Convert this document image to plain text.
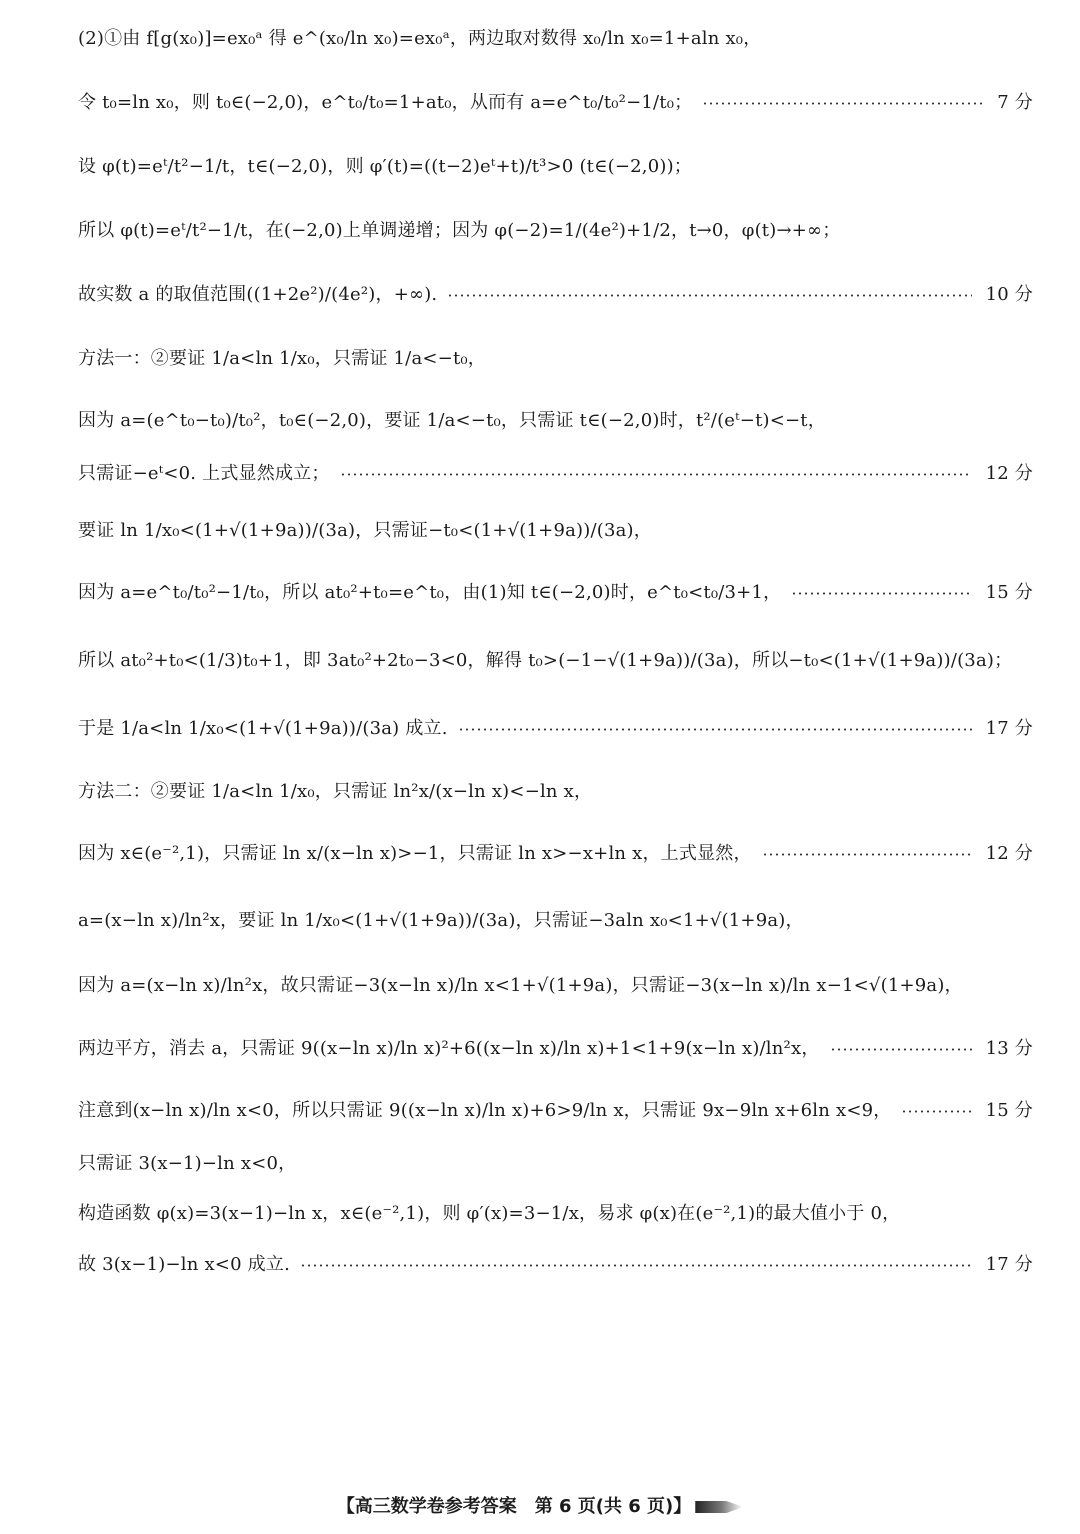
(2)①由 f[g(x₀)]=ex₀ᵃ 得 e^(x₀/ln x₀)=ex₀ᵃ，两边取对数得 x₀/ln x₀=1+aln x₀，
令 t₀=ln x₀，则 t₀∈(−2,0)，e^t₀/t₀=1+at₀，从而有 a=e^t₀/t₀²−1/t₀；	7 分
设 φ(t)=eᵗ/t²−1/t，t∈(−2,0)，则 φ′(t)=((t−2)eᵗ+t)/t³>0 (t∈(−2,0))；
所以 φ(t)=eᵗ/t²−1/t，在(−2,0)上单调递增；因为 φ(−2)=1/(4e²)+1/2，t→0，φ(t)→+∞；
故实数 a 的取值范围((1+2e²)/(4e²)，+∞).	10 分
方法一：②要证 1/a<ln 1/x₀，只需证 1/a<−t₀，
因为 a=(e^t₀−t₀)/t₀²，t₀∈(−2,0)，要证 1/a<−t₀，只需证 t∈(−2,0)时，t²/(eᵗ−t)<−t，
只需证−eᵗ<0. 上式显然成立；	12 分
要证 ln 1/x₀<(1+√(1+9a))/(3a)，只需证−t₀<(1+√(1+9a))/(3a)，
因为 a=e^t₀/t₀²−1/t₀，所以 at₀²+t₀=e^t₀，由(1)知 t∈(−2,0)时，e^t₀<t₀/3+1，	15 分
所以 at₀²+t₀<(1/3)t₀+1，即 3at₀²+2t₀−3<0，解得 t₀>(−1−√(1+9a))/(3a)，所以−t₀<(1+√(1+9a))/(3a)；
于是 1/a<ln 1/x₀<(1+√(1+9a))/(3a) 成立.	17 分
方法二：②要证 1/a<ln 1/x₀，只需证 ln²x/(x−ln x)<−ln x，
因为 x∈(e⁻²,1)，只需证 ln x/(x−ln x)>−1，只需证 ln x>−x+ln x，上式显然，	12 分
a=(x−ln x)/ln²x，要证 ln 1/x₀<(1+√(1+9a))/(3a)，只需证−3aln x₀<1+√(1+9a)，
因为 a=(x−ln x)/ln²x，故只需证−3(x−ln x)/ln x<1+√(1+9a)，只需证−3(x−ln x)/ln x−1<√(1+9a)，
两边平方，消去 a，只需证 9((x−ln x)/ln x)²+6((x−ln x)/ln x)+1<1+9(x−ln x)/ln²x，	13 分
注意到(x−ln x)/ln x<0，所以只需证 9((x−ln x)/ln x)+6>9/ln x，只需证 9x−9ln x+6ln x<9，	15 分
只需证 3(x−1)−ln x<0，
构造函数 φ(x)=3(x−1)−ln x，x∈(e⁻²,1)，则 φ′(x)=3−1/x，易求 φ(x)在(e⁻²,1)的最大值小于 0，
故 3(x−1)−ln x<0 成立.	17 分
【高三数学卷参考答案　第 6 页(共 6 页)】
